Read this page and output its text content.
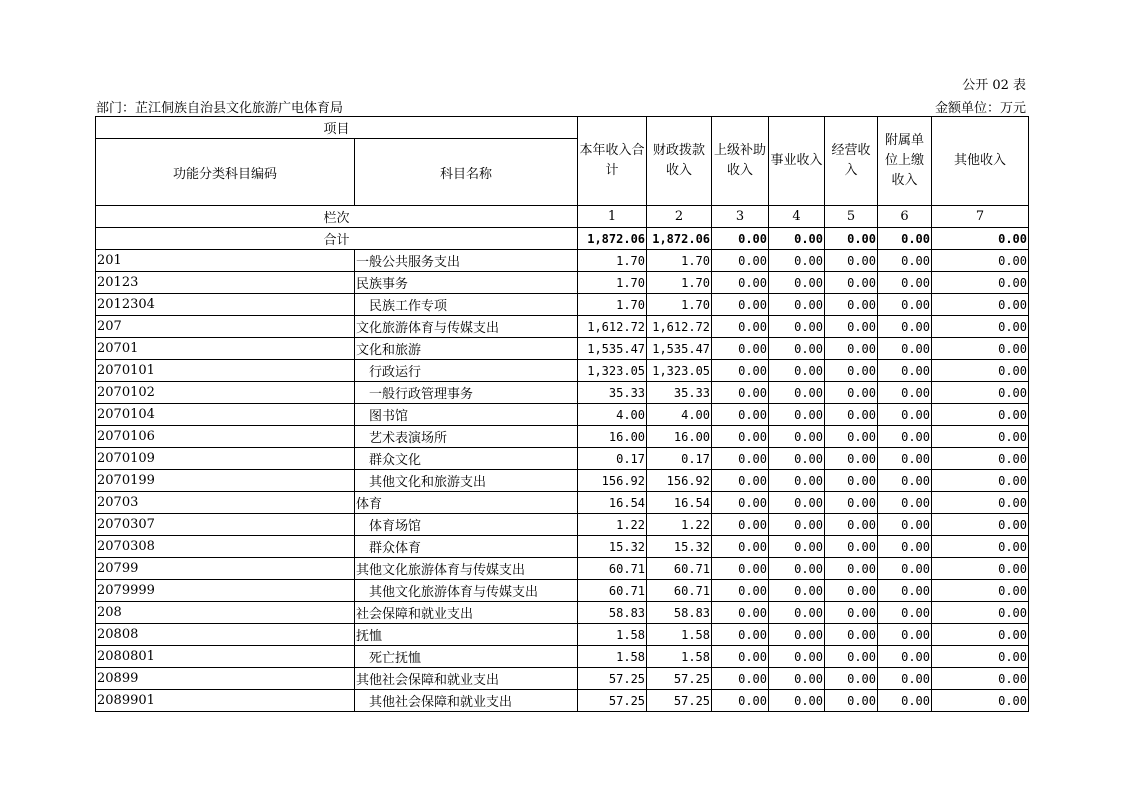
公开 02 表
部门：芷江侗族自治县文化旅游广电体育局	金额单位：万元
项目		本年收入合计	财政拨款收入	上级补助收入	事业收入	经营收入	附属单位上缴收入	其他收入
功能分类科目编码	科目名称							
栏次		1	2	3	4	5	6	7
合计		1,872.06	1,872.06	0.00	0.00	0.00	0.00	0.00
201	一般公共服务支出	1.70	1.70	0.00	0.00	0.00	0.00	0.00
20123	民族事务	1.70	1.70	0.00	0.00	0.00	0.00	0.00
2012304	民族工作专项	1.70	1.70	0.00	0.00	0.00	0.00	0.00
207	文化旅游体育与传媒支出	1,612.72	1,612.72	0.00	0.00	0.00	0.00	0.00
20701	文化和旅游	1,535.47	1,535.47	0.00	0.00	0.00	0.00	0.00
2070101	行政运行	1,323.05	1,323.05	0.00	0.00	0.00	0.00	0.00
2070102	一般行政管理事务	35.33	35.33	0.00	0.00	0.00	0.00	0.00
2070104	图书馆	4.00	4.00	0.00	0.00	0.00	0.00	0.00
2070106	艺术表演场所	16.00	16.00	0.00	0.00	0.00	0.00	0.00
2070109	群众文化	0.17	0.17	0.00	0.00	0.00	0.00	0.00
2070199	其他文化和旅游支出	156.92	156.92	0.00	0.00	0.00	0.00	0.00
20703	体育	16.54	16.54	0.00	0.00	0.00	0.00	0.00
2070307	体育场馆	1.22	1.22	0.00	0.00	0.00	0.00	0.00
2070308	群众体育	15.32	15.32	0.00	0.00	0.00	0.00	0.00
20799	其他文化旅游体育与传媒支出	60.71	60.71	0.00	0.00	0.00	0.00	0.00
2079999	其他文化旅游体育与传媒支出	60.71	60.71	0.00	0.00	0.00	0.00	0.00
208	社会保障和就业支出	58.83	58.83	0.00	0.00	0.00	0.00	0.00
20808	抚恤	1.58	1.58	0.00	0.00	0.00	0.00	0.00
2080801	死亡抚恤	1.58	1.58	0.00	0.00	0.00	0.00	0.00
20899	其他社会保障和就业支出	57.25	57.25	0.00	0.00	0.00	0.00	0.00
2089901	其他社会保障和就业支出	57.25	57.25	0.00	0.00	0.00	0.00	0.00
